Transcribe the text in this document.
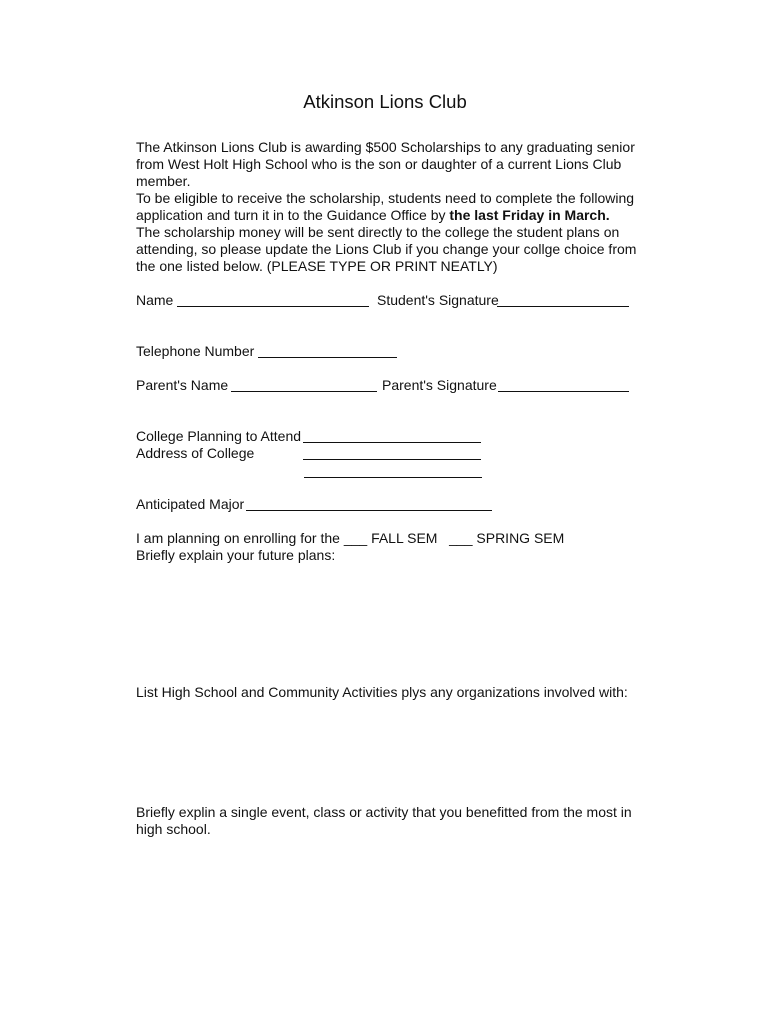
Atkinson Lions Club
The Atkinson Lions Club is awarding $500 Scholarships to any graduating senior
from West Holt High School who is the son or daughter of a current Lions Club
member.
To be eligible to receive the scholarship, students need to complete the following
application and turn it in to the Guidance Office by the last Friday in March.
The scholarship money will be sent directly to the college the student plans on
attending, so please update the Lions Club if you change your collge choice from
the one listed below. (PLEASE TYPE OR PRINT NEATLY)
Name	Student's Signature
Telephone Number
Parent's Name	Parent's Signature
College Planning to Attend
Address of College
Anticipated Major
I am planning on enrolling for the ___ FALL SEM ___ SPRING SEM
Briefly explain your future plans:
List High School and Community Activities plys any organizations involved with:
Briefly explin a single event, class or activity that you benefitted from the most in
high school.
